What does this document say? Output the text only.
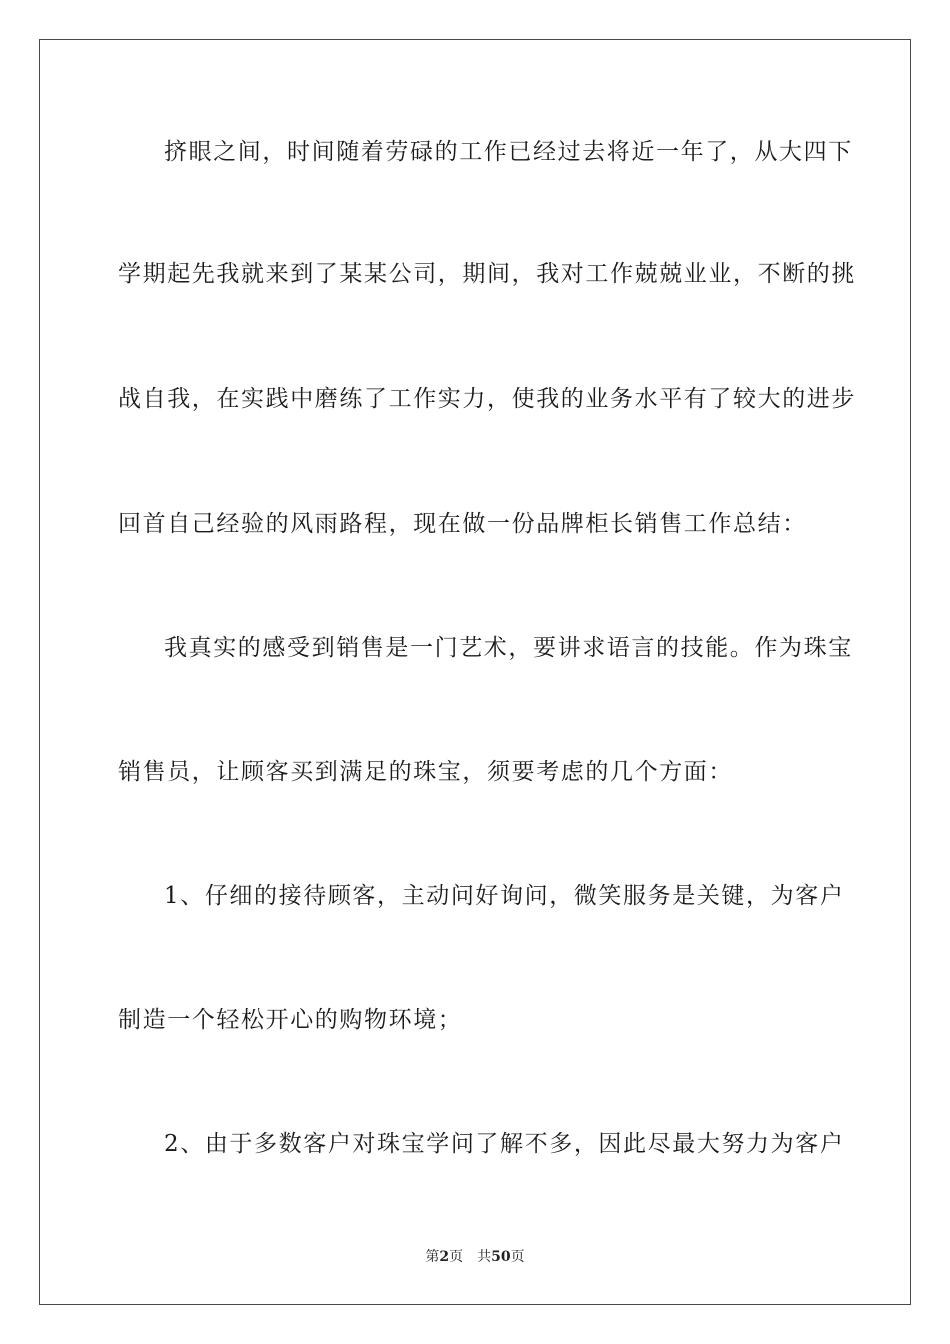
挤眼之间，时间随着劳碌的工作已经过去将近一年了，从大四下
学期起先我就来到了某某公司，期间，我对工作兢兢业业，不断的挑
战自我，在实践中磨练了工作实力，使我的业务水平有了较大的进步
回首自己经验的风雨路程，现在做一份品牌柜长销售工作总结：
我真实的感受到销售是一门艺术，要讲求语言的技能。作为珠宝
销售员，让顾客买到满足的珠宝，须要考虑的几个方面：
1、仔细的接待顾客，主动问好询问，微笑服务是关键，为客户
制造一个轻松开心的购物环境；
2、由于多数客户对珠宝学问了解不多，因此尽最大努力为客户
第2页 共50页
